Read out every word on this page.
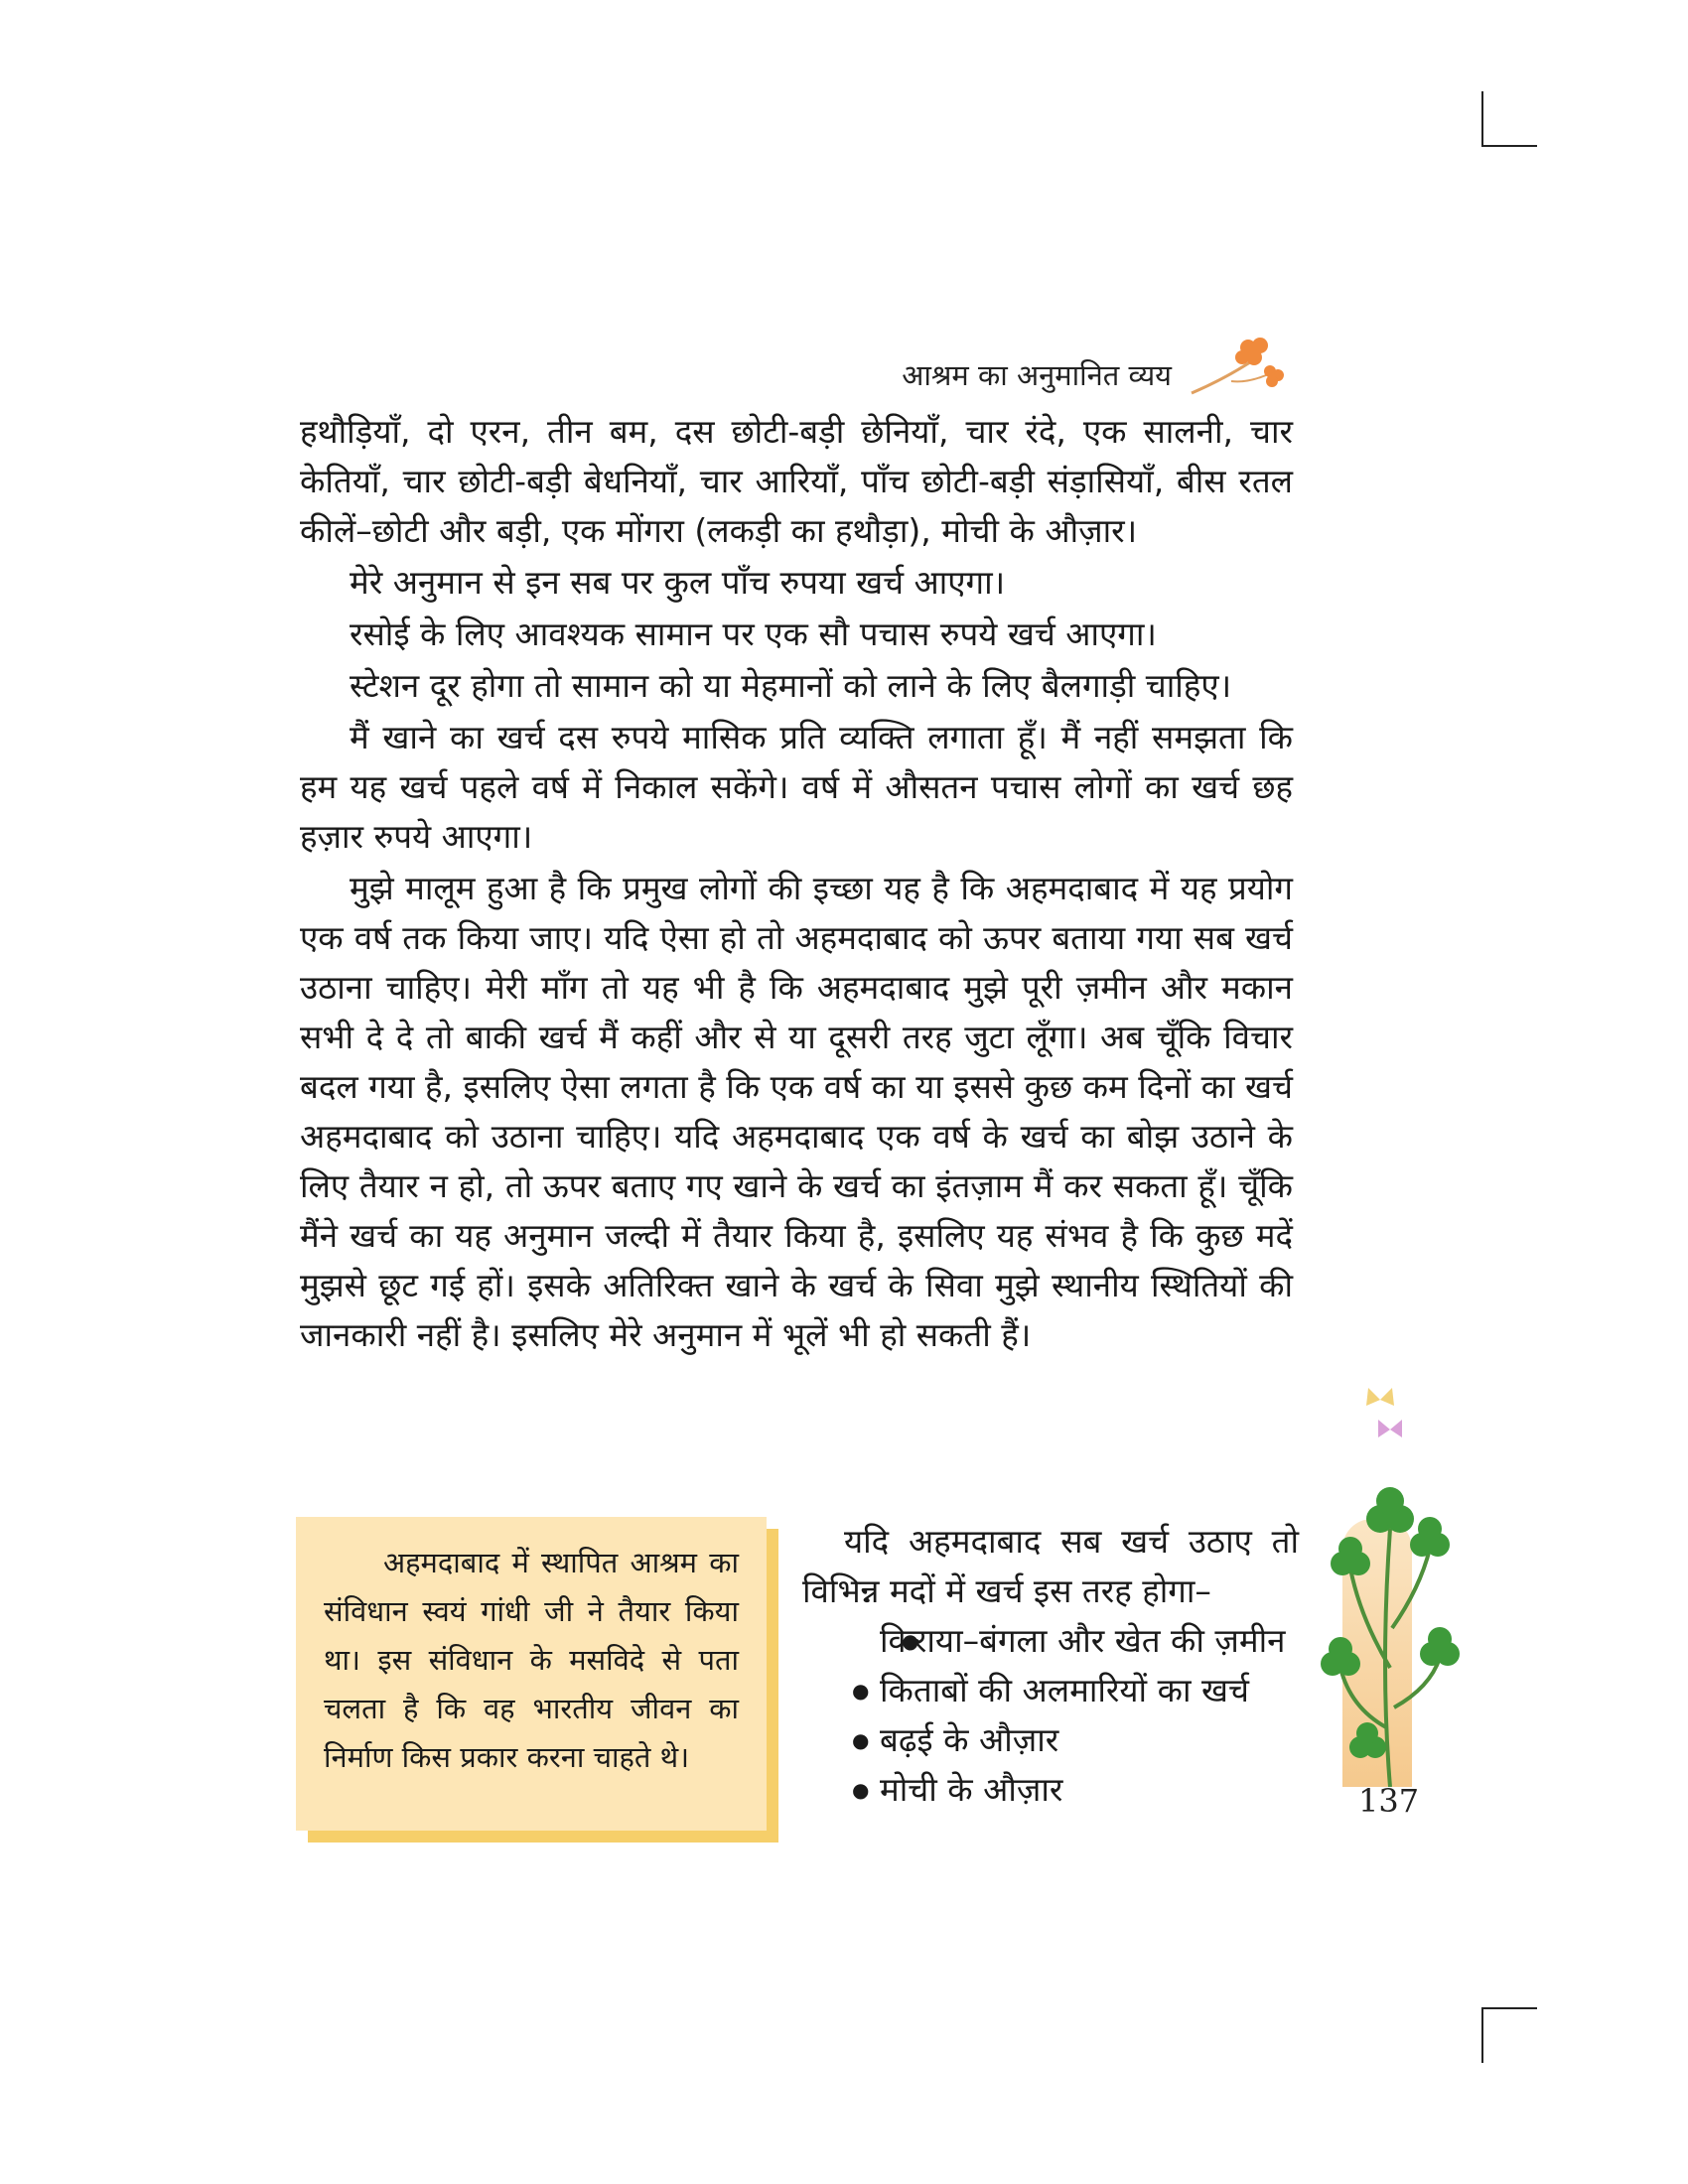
आश्रम का अनुमानित व्यय

हथौड़ियाँ, दो एरन, तीन बम, दस छोटी-बड़ी छेनियाँ, चार रंदे, एक सालनी, चार केतियाँ, चार छोटी-बड़ी बेधनियाँ, चार आरियाँ, पाँच छोटी-बड़ी संड़ासियाँ, बीस रतल कीलें–छोटी और बड़ी, एक मोंगरा (लकड़ी का हथौड़ा), मोची के औज़ार।

मेरे अनुमान से इन सब पर कुल पाँच रुपया खर्च आएगा।

रसोई के लिए आवश्यक सामान पर एक सौ पचास रुपये खर्च आएगा।

स्टेशन दूर होगा तो सामान को या मेहमानों को लाने के लिए बैलगाड़ी चाहिए।

मैं खाने का खर्च दस रुपये मासिक प्रति व्यक्ति लगाता हूँ। मैं नहीं समझता कि हम यह खर्च पहले वर्ष में निकाल सकेंगे। वर्ष में औसतन पचास लोगों का खर्च छह हज़ार रुपये आएगा।

मुझे मालूम हुआ है कि प्रमुख लोगों की इच्छा यह है कि अहमदाबाद में यह प्रयोग एक वर्ष तक किया जाए। यदि ऐसा हो तो अहमदाबाद को ऊपर बताया गया सब खर्च उठाना चाहिए। मेरी माँग तो यह भी है कि अहमदाबाद मुझे पूरी ज़मीन और मकान सभी दे दे तो बाकी खर्च मैं कहीं और से या दूसरी तरह जुटा लूँगा। अब चूँकि विचार बदल गया है, इसलिए ऐसा लगता है कि एक वर्ष का या इससे कुछ कम दिनों का खर्च अहमदाबाद को उठाना चाहिए। यदि अहमदाबाद एक वर्ष के खर्च का बोझ उठाने के लिए तैयार न हो, तो ऊपर बताए गए खाने के खर्च का इंतज़ाम मैं कर सकता हूँ। चूँकि मैंने खर्च का यह अनुमान जल्दी में तैयार किया है, इसलिए यह संभव है कि कुछ मदें मुझसे छूट गई हों। इसके अतिरिक्त खाने के खर्च के सिवा मुझे स्थानीय स्थितियों की जानकारी नहीं है। इसलिए मेरे अनुमान में भूलें भी हो सकती हैं।

अहमदाबाद में स्थापित आश्रम का संविधान स्वयं गांधी जी ने तैयार किया था। इस संविधान के मसविदे से पता चलता है कि वह भारतीय जीवन का निर्माण किस प्रकार करना चाहते थे।

यदि अहमदाबाद सब खर्च उठाए तो विभिन्न मदों में खर्च इस तरह होगा–

● किराया–बंगला और खेत की ज़मीन
● किताबों की अलमारियों का खर्च
● बढ़ई के औज़ार
● मोची के औज़ार	137
